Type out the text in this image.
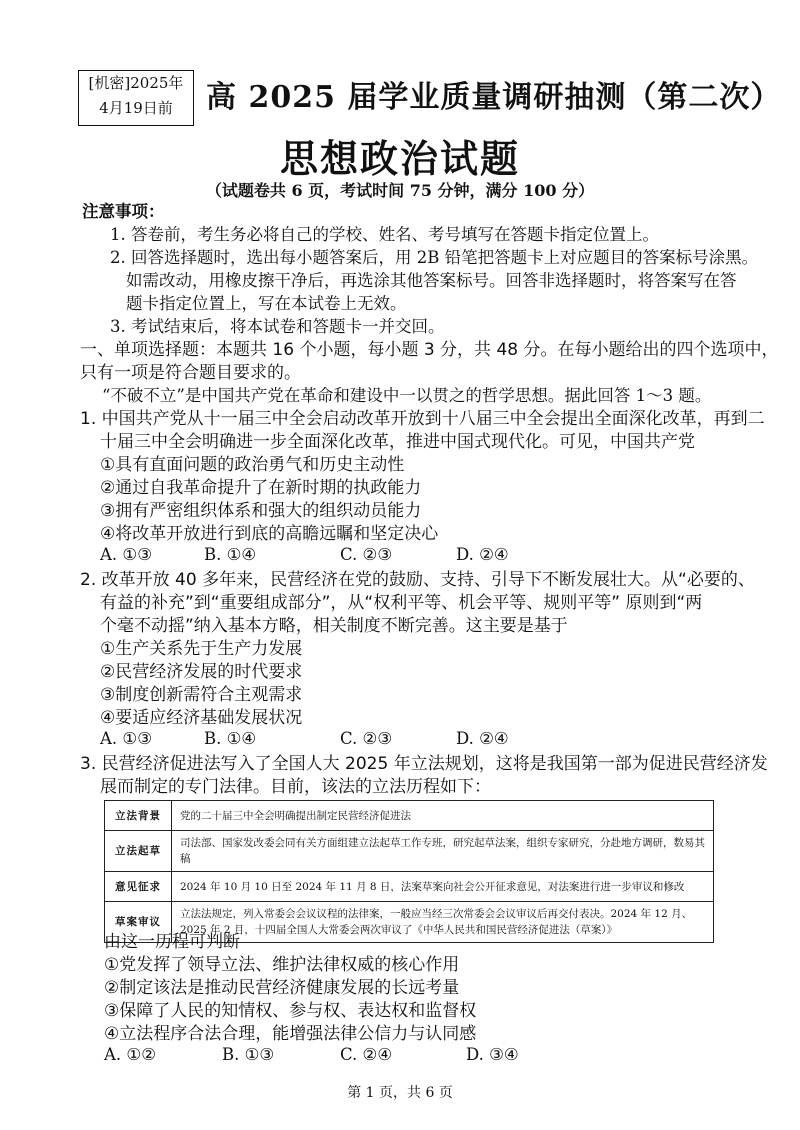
[机密]2025年
4月19日前	高 2025 届学业质量调研抽测（第二次）
思想政治试题
（试题卷共 6 页，考试时间 75 分钟，满分 100 分）
注意事项：
1. 答卷前，考生务必将自己的学校、姓名、考号填写在答题卡指定位置上。
2. 回答选择题时，选出每小题答案后，用 2B 铅笔把答题卡上对应题目的答案标号涂黑。
如需改动，用橡皮擦干净后，再选涂其他答案标号。回答非选择题时，将答案写在答
题卡指定位置上，写在本试卷上无效。
3. 考试结束后，将本试卷和答题卡一并交回。
一、单项选择题：本题共 16 个小题，每小题 3 分，共 48 分。在每小题给出的四个选项中，
只有一项是符合题目要求的。
“不破不立”是中国共产党在革命和建设中一以贯之的哲学思想。据此回答 1～3 题。
1. 中国共产党从十一届三中全会启动改革开放到十八届三中全会提出全面深化改革，再到二
十届三中全会明确进一步全面深化改革，推进中国式现代化。可见，中国共产党
①具有直面问题的政治勇气和历史主动性
②通过自我革命提升了在新时期的执政能力
③拥有严密组织体系和强大的组织动员能力
④将改革开放进行到底的高瞻远瞩和坚定决心
A. ①③	B. ①④	C. ②③	D. ②④
2. 改革开放 40 多年来，民营经济在党的鼓励、支持、引导下不断发展壮大。从“必要的、
有益的补充”到“重要组成部分”，从“权利平等、机会平等、规则平等” 原则到“两
个毫不动摇”纳入基本方略，相关制度不断完善。这主要是基于
①生产关系先于生产力发展
②民营经济发展的时代要求
③制度创新需符合主观需求
④要适应经济基础发展状况
A. ①③	B. ①④	C. ②③	D. ②④
3. 民营经济促进法写入了全国人大 2025 年立法规划，这将是我国第一部为促进民营经济发
展而制定的专门法律。目前，该法的立法历程如下：
立法背景	党的二十届三中全会明确提出制定民营经济促进法
立法起草	司法部、国家发改委会同有关方面组建立法起草工作专班，研究起草法案，组织专家研究，分赴地方调研，数易其稿
意见征求	2024 年 10 月 10 日至 2024 年 11 月 8 日，法案草案向社会公开征求意见，对法案进行进一步审议和修改
草案审议	立法法规定，列入常委会会议议程的法律案，一般应当经三次常委会会议审议后再交付表决。2024 年 12 月、2025 年 2 月，十四届全国人大常委会两次审议了《中华人民共和国民营经济促进法（草案）》
由这一历程可判断
①党发挥了领导立法、维护法律权威的核心作用
②制定该法是推动民营经济健康发展的长远考量
③保障了人民的知情权、参与权、表达权和监督权
④立法程序合法合理，能增强法律公信力与认同感
A. ①②	B. ①③	C. ②④	D. ③④
第 1 页，共 6 页
